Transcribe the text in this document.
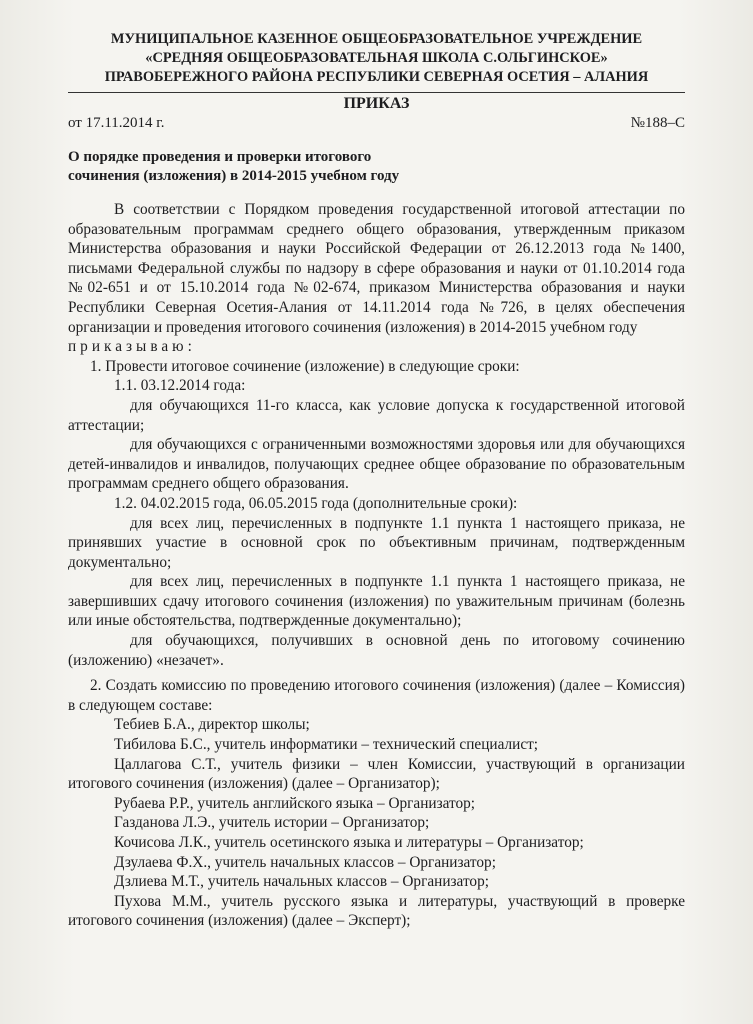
МУНИЦИПАЛЬНОЕ КАЗЕННОЕ ОБЩЕОБРАЗОВАТЕЛЬНОЕ УЧРЕЖДЕНИЕ
«СРЕДНЯЯ ОБЩЕОБРАЗОВАТЕЛЬНАЯ ШКОЛА С.ОЛЬГИНСКОЕ»
ПРАВОБЕРЕЖНОГО РАЙОНА РЕСПУБЛИКИ СЕВЕРНАЯ ОСЕТИЯ – АЛАНИЯ
ПРИКАЗ
от 17.11.2014 г.	№188–С
О порядке проведения и проверки итогового
сочинения (изложения) в 2014-2015 учебном году

В соответствии с Порядком проведения государственной итоговой аттестации по образовательным программам среднего общего образования, утвержденным приказом Министерства образования и науки Российской Федерации от 26.12.2013 года №1400, письмами Федеральной службы по надзору в сфере образования и науки от 01.10.2014 года №02-651 и от 15.10.2014 года №02-674, приказом Министерства образования и науки Республики Северная Осетия-Алания от 14.11.2014 года №726, в целях обеспечения организации и проведения итогового сочинения (изложения) в 2014-2015 учебном году

приказываю:

1. Провести итоговое сочинение (изложение) в следующие сроки:

1.1. 03.12.2014 года:

для обучающихся 11-го класса, как условие допуска к государственной итоговой аттестации;

для обучающихся с ограниченными возможностями здоровья или для обучающихся детей-инвалидов и инвалидов, получающих среднее общее образование по образовательным программам среднего общего образования.

1.2. 04.02.2015 года, 06.05.2015 года (дополнительные сроки):

для всех лиц, перечисленных в подпункте 1.1 пункта 1 настоящего приказа, не принявших участие в основной срок по объективным причинам, подтвержденным документально;

для всех лиц, перечисленных в подпункте 1.1 пункта 1 настоящего приказа, не завершивших сдачу итогового сочинения (изложения) по уважительным причинам (болезнь или иные обстоятельства, подтвержденные документально);

для обучающихся, получивших в основной день по итоговому сочинению (изложению) «незачет».

2. Создать комиссию по проведению итогового сочинения (изложения) (далее – Комиссия) в следующем составе:

Тебиев Б.А., директор школы;

Тибилова Б.С., учитель информатики – технический специалист;

Цаллагова С.Т., учитель физики – член Комиссии, участвующий в организации итогового сочинения (изложения) (далее – Организатор);

Рубаева Р.Р., учитель английского языка – Организатор;

Газданова Л.Э., учитель истории – Организатор;

Кочисова Л.К., учитель осетинского языка и литературы – Организатор;

Дзулаева Ф.Х., учитель начальных классов – Организатор;

Дзлиева М.Т., учитель начальных классов – Организатор;

Пухова М.М., учитель русского языка и литературы, участвующий в проверке итогового сочинения (изложения) (далее – Эксперт);
